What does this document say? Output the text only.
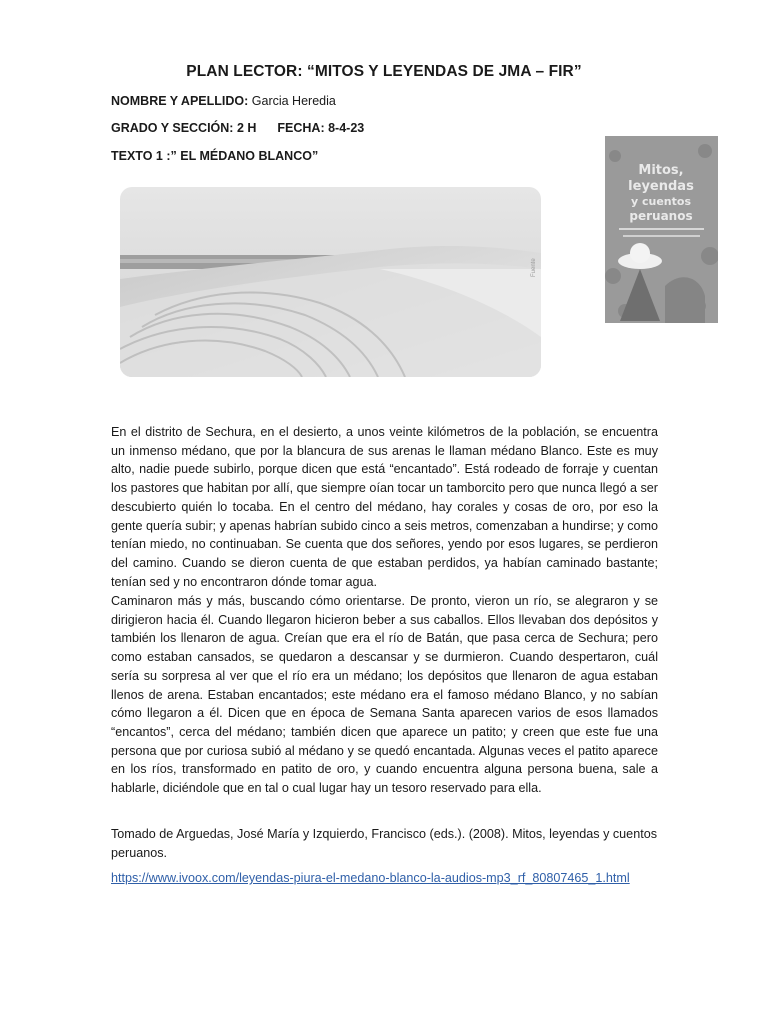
PLAN LECTOR: “MITOS Y LEYENDAS DE JMA – FIR”
NOMBRE Y APELLIDO: Garcia Heredia
GRADO Y SECCIÓN: 2 H FECHA: 8-4-23
TEXTO 1 :” EL MÉDANO BLANCO”
Fuente
Mitos,
leyendas
y cuentos
peruanos

En el distrito de Sechura, en el desierto, a unos veinte kilómetros de la población, se encuentra un inmenso médano, que por la blancura de sus arenas le llaman médano Blanco. Este es muy alto, nadie puede subirlo, porque dicen que está “encantado”. Está rodeado de forraje y cuentan los pastores que habitan por allí, que siempre oían tocar un tamborcito pero que nunca llegó a ser descubierto quién lo tocaba. En el centro del médano, hay corales y cosas de oro, por eso la gente quería subir; y apenas habrían subido cinco a seis metros, comenzaban a hundirse; y como tenían miedo, no continuaban. Se cuenta que dos señores, yendo por esos lugares, se perdieron del camino. Cuando se dieron cuenta de que estaban perdidos, ya habían caminado bastante; tenían sed y no encontraron dónde tomar agua.

Caminaron más y más, buscando cómo orientarse. De pronto, vieron un río, se alegraron y se dirigieron hacia él. Cuando llegaron hicieron beber a sus caballos. Ellos llevaban dos depósitos y también los llenaron de agua. Creían que era el río de Batán, que pasa cerca de Sechura; pero como estaban cansados, se quedaron a descansar y se durmieron. Cuando despertaron, cuál sería su sorpresa al ver que el río era un médano; los depósitos que llenaron de agua estaban llenos de arena. Estaban encantados; este médano era el famoso médano Blanco, y no sabían cómo llegaron a él. Dicen que en época de Semana Santa aparecen varios de esos llamados “encantos”, cerca del médano; también dicen que aparece un patito; y creen que este fue una persona que por curiosa subió al médano y se quedó encantada. Algunas veces el patito aparece en los ríos, transformado en patito de oro, y cuando encuentra alguna persona buena, sale a hablarle, diciéndole que en tal o cual lugar hay un tesoro reservado para ella.

Tomado de Arguedas, José María y Izquierdo, Francisco (eds.). (2008). Mitos, leyendas y cuentos peruanos.
https://www.ivoox.com/leyendas-piura-el-medano-blanco-la-audios-mp3_rf_80807465_1.html
